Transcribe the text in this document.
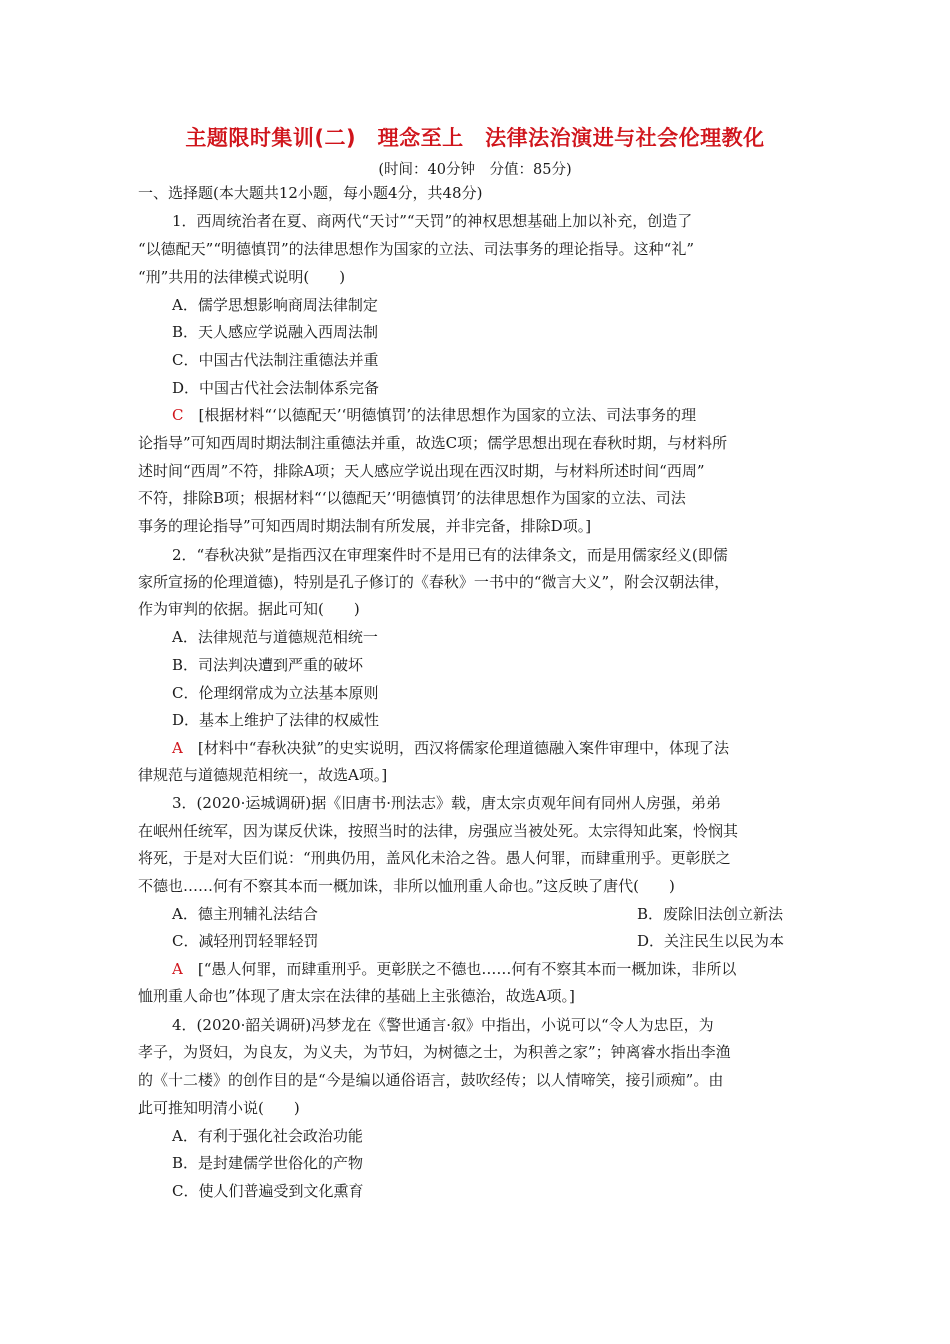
主题限时集训(二)　理念至上　法律法治演进与社会伦理教化
(时间：40分钟　分值：85分)
一、选择题(本大题共12小题，每小题4分，共48分)
1．西周统治者在夏、商两代“天讨”“天罚”的神权思想基础上加以补充，创造了
“以德配天”“明德慎罚”的法律思想作为国家的立法、司法事务的理论指导。这种“礼”
“刑”共用的法律模式说明(　　)
A．儒学思想影响商周法律制定
B．天人感应学说融入西周法制
C．中国古代法制注重德法并重
D．中国古代社会法制体系完备
C　 [根据材料“‘以德配天’‘明德慎罚’的法律思想作为国家的立法、司法事务的理
论指导”可知西周时期法制注重德法并重，故选C项；儒学思想出现在春秋时期，与材料所
述时间“西周”不符，排除A项；天人感应学说出现在西汉时期，与材料所述时间“西周”
不符，排除B项；根据材料“‘以德配天’‘明德慎罚’的法律思想作为国家的立法、司法
事务的理论指导”可知西周时期法制有所发展，并非完备，排除D项。]
2．“春秋决狱”是指西汉在审理案件时不是用已有的法律条文，而是用儒家经义(即儒
家所宣扬的伦理道德)，特别是孔子修订的《春秋》一书中的“微言大义”，附会汉朝法律，
作为审判的依据。据此可知(　　)
A．法律规范与道德规范相统一
B．司法判决遭到严重的破坏
C．伦理纲常成为立法基本原则
D．基本上维护了法律的权威性
A　 [材料中“春秋决狱”的史实说明，西汉将儒家伦理道德融入案件审理中，体现了法
律规范与道德规范相统一，故选A项。]
3．(2020·运城调研)据《旧唐书·刑法志》载，唐太宗贞观年间有同州人房强，弟弟
在岷州任统军，因为谋反伏诛，按照当时的法律，房强应当被处死。太宗得知此案，怜悯其
将死，于是对大臣们说：“刑典仍用，盖风化未洽之咎。愚人何罪，而肆重刑乎。更彰朕之
不德也……何有不察其本而一概加诛，非所以恤刑重人命也。”这反映了唐代(　　)
A．德主刑辅礼法结合	B．废除旧法创立新法
C．减轻刑罚轻罪轻罚	D．关注民生以民为本
A　 [“愚人何罪，而肆重刑乎。更彰朕之不德也……何有不察其本而一概加诛，非所以
恤刑重人命也”体现了唐太宗在法律的基础上主张德治，故选A项。]
4．(2020·韶关调研)冯梦龙在《警世通言·叙》中指出，小说可以“令人为忠臣，为
孝子，为贤妇，为良友，为义夫，为节妇，为树德之士，为积善之家”；钟离睿水指出李渔
的《十二楼》的创作目的是“今是编以通俗语言，鼓吹经传；以人情啼笑，接引顽痴”。由
此可推知明清小说(　　)
A．有利于强化社会政治功能
B．是封建儒学世俗化的产物
C．使人们普遍受到文化熏育
